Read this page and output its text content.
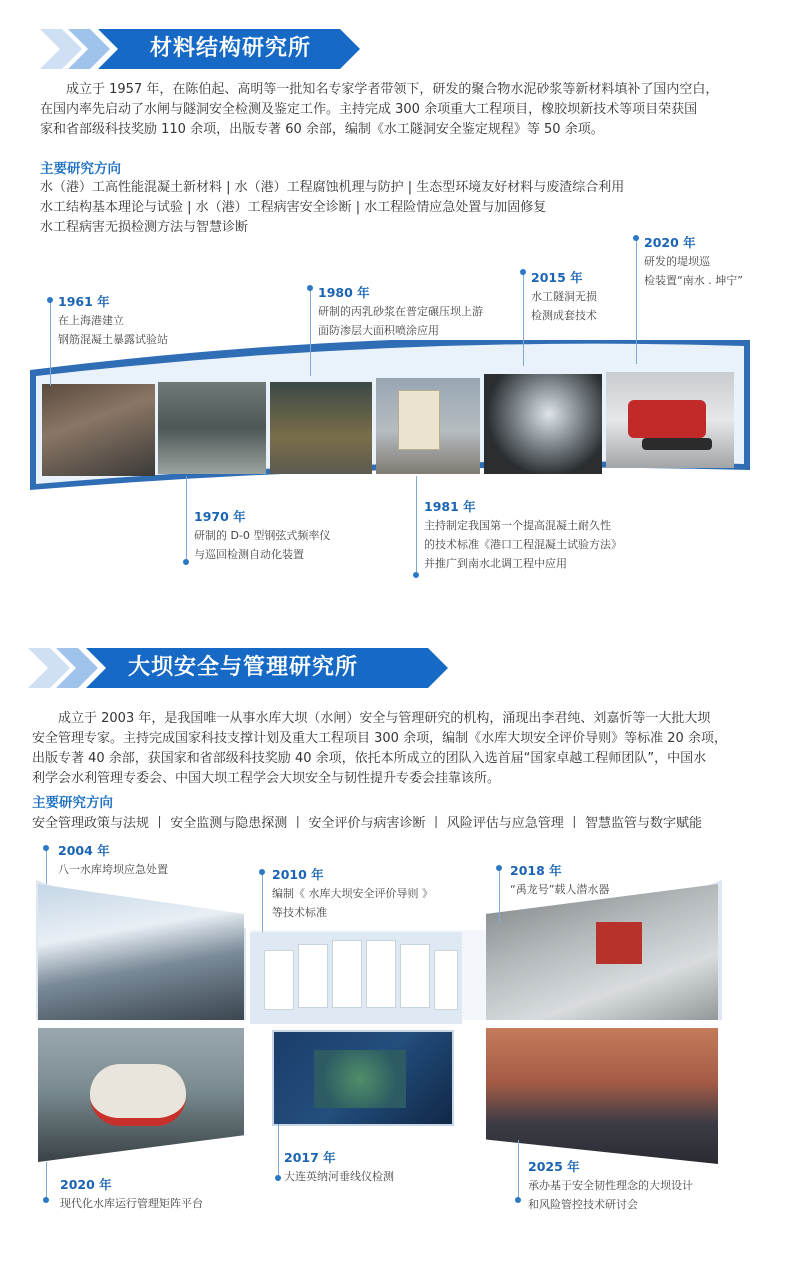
材料结构研究所
成立于 1957 年，在陈伯起、高明等一批知名专家学者带领下，研发的聚合物水泥砂浆等新材料填补了国内空白，
在国内率先启动了水闸与隧洞安全检测及鉴定工作。主持完成 300 余项重大工程项目，橡胶坝新技术等项目荣获国
家和省部级科技奖励 110 余项，出版专著 60 余部，编制《水工隧洞安全鉴定规程》等 50 余项。
主要研究方向
水（港）工高性能混凝土新材料 | 水（港）工程腐蚀机理与防护 | 生态型环境友好材料与废渣综合利用
水工结构基本理论与试验 | 水（港）工程病害安全诊断 | 水工程险情应急处置与加固修复
水工程病害无损检测方法与智慧诊断
1961 年
在上海港建立
钢筋混凝土暴露试验站
1970 年
研制的 D-0 型钢弦式频率仪
与巡回检测自动化装置
1980 年
研制的丙乳砂浆在普定碾压坝上游
面防渗层大面积喷涂应用
1981 年
主持制定我国第一个提高混凝土耐久性
的技术标准《港口工程混凝土试验方法》
并推广到南水北调工程中应用
2015 年
水工隧洞无损
检测成套技术
2020 年
研发的堤坝巡
检装置“南水 . 坤宁”
大坝安全与管理研究所
成立于 2003 年，是我国唯一从事水库大坝（水闸）安全与管理研究的机构，涌现出李君纯、刘嘉忻等一大批大坝
安全管理专家。主持完成国家科技支撑计划及重大工程项目 300 余项，编制《水库大坝安全评价导则》等标准 20 余项，
出版专著 40 余部，获国家和省部级科技奖励 40 余项，依托本所成立的团队入选首届“国家卓越工程师团队”，中国水
利学会水利管理专委会、中国大坝工程学会大坝安全与韧性提升专委会挂靠该所。
主要研究方向
安全管理政策与法规 丨 安全监测与隐患探测 丨 安全评价与病害诊断 丨 风险评估与应急管理 丨 智慧监管与数字赋能
2004 年
八一水库垮坝应急处置	2010 年
编制《 水库大坝安全评价导则 》
等技术标准
2018 年
“禹龙号”载人潜水器
2020 年
现代化水库运行管理矩阵平台
2017 年
大连英纳河垂线仪检测
2025 年
承办基于安全韧性理念的大坝设计
和风险管控技术研讨会
